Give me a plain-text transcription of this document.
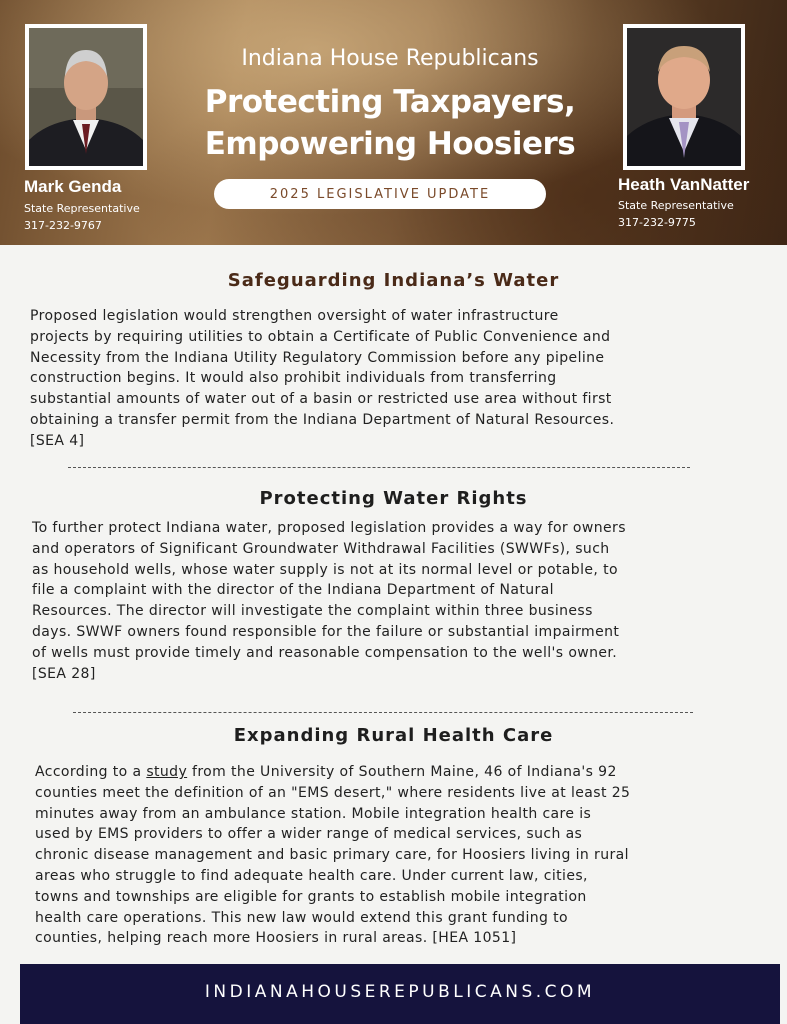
Mark Genda
State Representative
317-232-9767
Heath VanNatter
State Representative
317-232-9775
Indiana House Republicans
Protecting Taxpayers,
Empowering Hoosiers
2025 LEGISLATIVE UPDATE
Safeguarding Indiana’s Water
Proposed legislation would strengthen oversight of water infrastructure
projects by requiring utilities to obtain a Certificate of Public Convenience and
Necessity from the Indiana Utility Regulatory Commission before any pipeline
construction begins. It would also prohibit individuals from transferring
substantial amounts of water out of a basin or restricted use area without first
obtaining a transfer permit from the Indiana Department of Natural Resources.
[SEA 4]
Protecting Water Rights
To further protect Indiana water, proposed legislation provides a way for owners
and operators of Significant Groundwater Withdrawal Facilities (SWWFs), such
as household wells, whose water supply is not at its normal level or potable, to
file a complaint with the director of the Indiana Department of Natural
Resources. The director will investigate the complaint within three business
days. SWWF owners found responsible for the failure or substantial impairment
of wells must provide timely and reasonable compensation to the well's owner.
[SEA 28]
Expanding Rural Health Care
According to a study from the University of Southern Maine, 46 of Indiana's 92
counties meet the definition of an "EMS desert," where residents live at least 25
minutes away from an ambulance station. Mobile integration health care is
used by EMS providers to offer a wider range of medical services, such as
chronic disease management and basic primary care, for Hoosiers living in rural
areas who struggle to find adequate health care. Under current law, cities,
towns and townships are eligible for grants to establish mobile integration
health care operations. This new law would extend this grant funding to
counties, helping reach more Hoosiers in rural areas. [HEA 1051]
INDIANAHOUSEREPUBLICANS.COM
